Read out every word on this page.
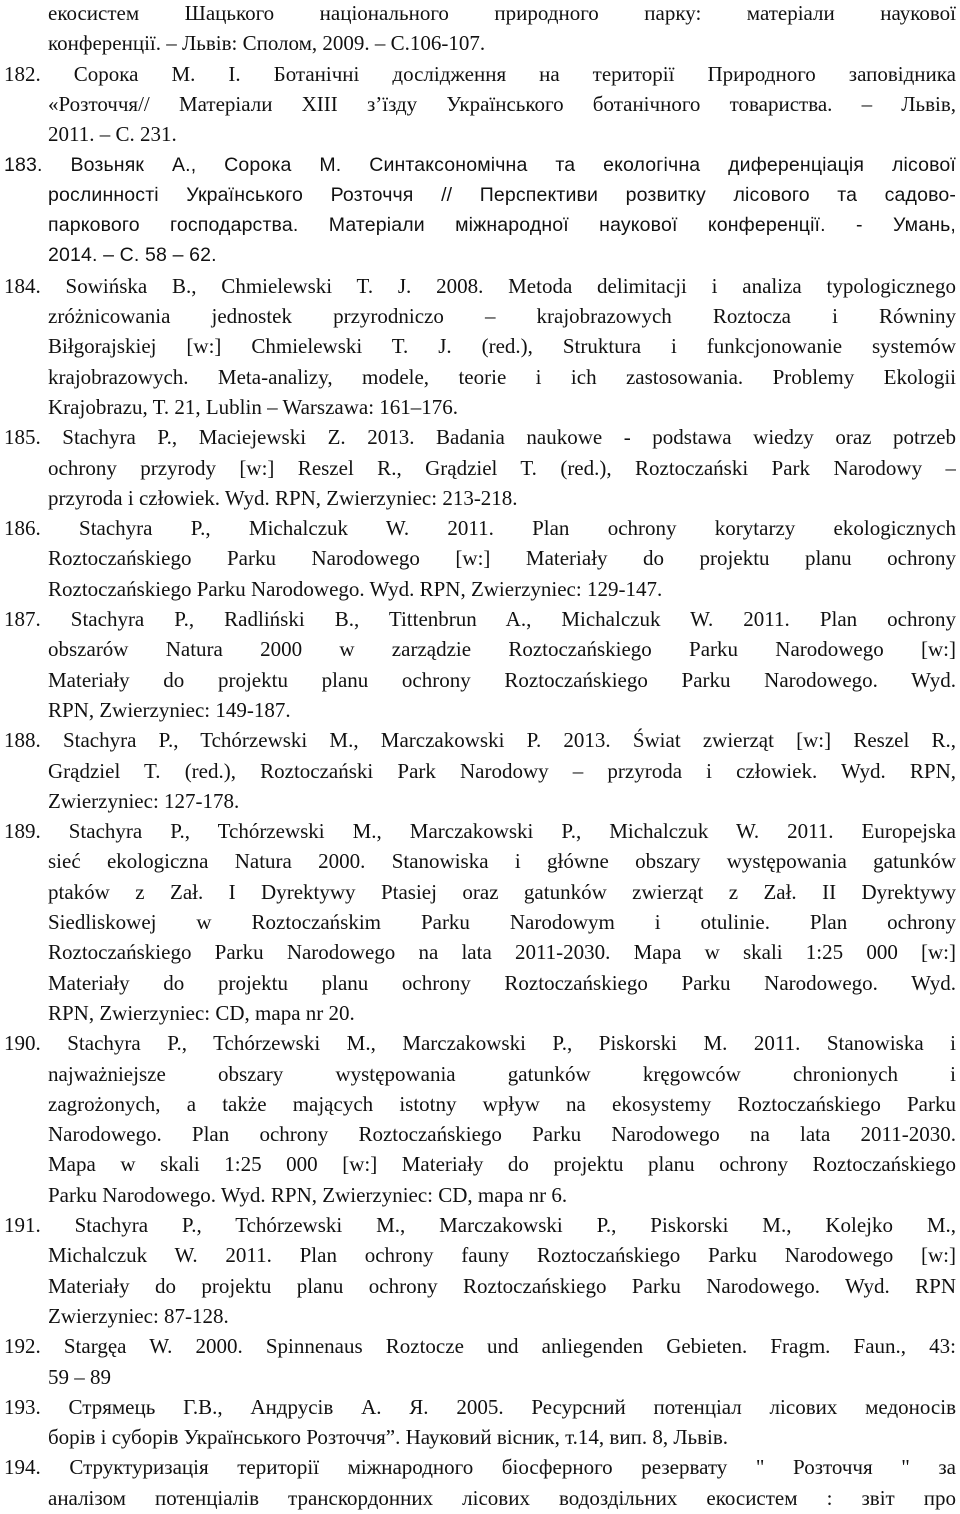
екосистем Шацького національного природного парку: матеріали наукової
конференції. – Львів: Сполом, 2009. – С.106-107.
182. Сорока М. І. Ботанічні дослідження на території Природного заповідника
«Розточчя// Матеріали XIII з’їзду Українського ботанічного товариства. – Львів,
2011. – С. 231.
183. Возьняк А., Сорока М. Синтаксономічна та екологічна диференціація лісової
рослинності Українського Розточчя // Перспективи розвитку лісового та садово-
паркового господарства. Матеріали міжнародної наукової конференції. - Умань,
2014. – С. 58 – 62.
184. Sowińska B., Chmielewski T. J. 2008. Metoda delimitacji i analiza typologicznego
zróżnicowania jednostek przyrodniczo – krajobrazowych Roztocza i Równiny
Biłgorajskiej [w:] Chmielewski T. J. (red.), Struktura i funkcjonowanie systemów
krajobrazowych. Meta-analizy, modele, teorie i ich zastosowania. Problemy Ekologii
Krajobrazu, T. 21, Lublin – Warszawa: 161–176.
185. Stachyra P., Maciejewski Z. 2013. Badania naukowe - podstawa wiedzy oraz potrzeb
ochrony przyrody [w:] Reszel R., Grądziel T. (red.), Roztoczański Park Narodowy –
przyroda i człowiek. Wyd. RPN, Zwierzyniec: 213-218.
186. Stachyra P., Michalczuk W. 2011. Plan ochrony korytarzy ekologicznych
Roztoczańskiego Parku Narodowego [w:] Materiały do projektu planu ochrony
Roztoczańskiego Parku Narodowego. Wyd. RPN, Zwierzyniec: 129-147.
187. Stachyra P., Radliński B., Tittenbrun A., Michalczuk W. 2011. Plan ochrony
obszarów Natura 2000 w zarządzie Roztoczańskiego Parku Narodowego [w:]
Materiały do projektu planu ochrony Roztoczańskiego Parku Narodowego. Wyd.
RPN, Zwierzyniec: 149-187.
188. Stachyra P., Tchórzewski M., Marczakowski P. 2013. Świat zwierząt [w:] Reszel R.,
Grądziel T. (red.), Roztoczański Park Narodowy – przyroda i człowiek. Wyd. RPN,
Zwierzyniec: 127-178.
189. Stachyra P., Tchórzewski M., Marczakowski P., Michalczuk W. 2011. Europejska
sieć ekologiczna Natura 2000. Stanowiska i główne obszary występowania gatunków
ptaków z Zał. I Dyrektywy Ptasiej oraz gatunków zwierząt z Zał. II Dyrektywy
Siedliskowej w Roztoczańskim Parku Narodowym i otulinie. Plan ochrony
Roztoczańskiego Parku Narodowego na lata 2011-2030. Mapa w skali 1:25 000 [w:]
Materiały do projektu planu ochrony Roztoczańskiego Parku Narodowego. Wyd.
RPN, Zwierzyniec: CD, mapa nr 20.
190. Stachyra P., Tchórzewski M., Marczakowski P., Piskorski M. 2011. Stanowiska i
najważniejsze obszary występowania gatunków kręgowców chronionych i
zagrożonych, a także mających istotny wpływ na ekosystemy Roztoczańskiego Parku
Narodowego. Plan ochrony Roztoczańskiego Parku Narodowego na lata 2011-2030.
Mapa w skali 1:25 000 [w:] Materiały do projektu planu ochrony Roztoczańskiego
Parku Narodowego. Wyd. RPN, Zwierzyniec: CD, mapa nr 6.
191. Stachyra P., Tchórzewski M., Marczakowski P., Piskorski M., Kolejko M.,
Michalczuk W. 2011. Plan ochrony fauny Roztoczańskiego Parku Narodowego [w:]
Materiały do projektu planu ochrony Roztoczańskiego Parku Narodowego. Wyd. RPN
Zwierzyniec: 87-128.
192. Stargęa W. 2000. Spinnenaus Roztocze und anliegenden Gebieten. Fragm. Faun., 43:
59 – 89
193. Стрямець Г.В., Андрусів А. Я. 2005. Ресурсний потенціал лісових медоносів
борів і суборів Українського Розточчя”. Науковий вісник, т.14, вип. 8, Львів.
194. Структуризація території міжнародного біосферного резервату " Розточчя " за
аналізом потенціалів транскордонних лісових водоздільних екосистем : звіт про
